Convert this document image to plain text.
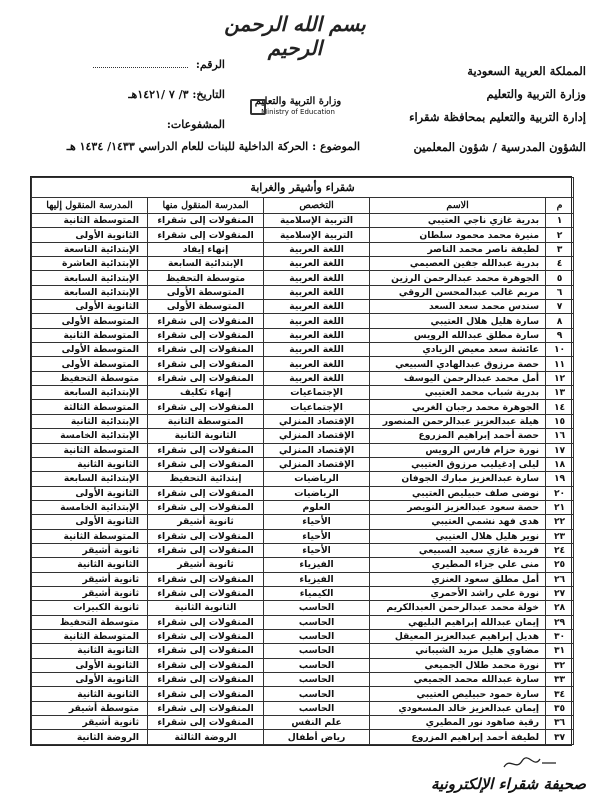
بسم الله الرحمن الرحيم
المملكة العربية السعودية
وزارة التربية والتعليم
إدارة التربية والتعليم بمحافظة شقراء
الرقم:
التاريخ: ٣/ ٧ /١٤٢١هـ
المشفوعات:
وزارة التربية والتعليم
Ministry of Education
الشؤون المدرسية / شؤون المعلمين
الموضوع : الحركة الداخلية للبنات للعام الدراسي ١٤٣٣/ ١٤٣٤ هـ
شقراء وأشيقر والغرابة				
م	الاسم	التخصص	المدرسة المنقول منها	المدرسة المنقول إليها
١	بدرية غازي ناجي العتيبي	التربية الإسلامية	المنقولات إلى شقراء	المتوسطة الثانية
٢	منيرة محمد محمود سلطان	التربية الإسلامية	المنقولات إلى شقراء	الثانوية الأولى
٣	لطيفة ناصر محمد الناصر	اللغة العربية	إنهاء إيفاد	الإبتدائية التاسعة
٤	بدرية عبدالله جفين العصيمي	اللغة العربية	الإبتدائية السابعة	الإبتدائية العاشرة
٥	الجوهرة محمد عبدالرحمن الرزين	اللغة العربية	متوسطة التحفيظ	الإبتدائية السابعة
٦	مريم غالب عبدالمحسن الروقي	اللغة العربية	المتوسطة الأولى	الإبتدائية السابعة
٧	سندس محمد سعد السعد	اللغة العربية	المتوسطة الأولى	الثانوية الأولى
٨	سارة هليل هلال العتيبي	اللغة العربية	المنقولات إلى شقراء	المتوسطة الأولى
٩	سارة مطلق عبدالله الرويس	اللغة العربية	المنقولات إلى شقراء	المتوسطة الثانية
١٠	عائشة سعد معيض الزيادي	اللغة العربية	المنقولات إلى شقراء	المتوسطة الأولى
١١	حصة مرزوق عبدالهادي السبيعي	اللغة العربية	المنقولات إلى شقراء	المتوسطة الأولى
١٢	أمل محمد عبدالرحمن اليوسف	اللغة العربية	المنقولات إلى شقراء	متوسطة التحفيظ
١٣	بدرية شباب محمد العتيبي	الإجتماعيات	إنهاء تكليف	الإبتدائية السابعة
١٤	الجوهرة محمد رجبان الغربي	الإجتماعيات	المنقولات إلى شقراء	المتوسطة الثالثة
١٥	هيلة عبدالعزيز عبدالرحمن المنصور	الإقتصاد المنزلي	المتوسطة الثانية	الإبتدائية الثانية
١٦	حصة أحمد إبراهيم المزروع	الإقتصاد المنزلي	الثانوية الثانية	الإبتدائية الخامسة
١٧	نورة حزام فارس الرويس	الإقتصاد المنزلي	المنقولات إلى شقراء	المتوسطة الثانية
١٨	ليلى إدغيليب مرزوق العتيبي	الإقتصاد المنزلي	المنقولات إلى شقراء	الثانوية الثانية
١٩	سارة عبدالعزيز مبارك الجوفان	الرياضيات	إبتدائية التحفيظ	الإبتدائية السابعة
٢٠	نوضى صلف حبيليص العتيبي	الرياضيات	المنقولات إلى شقراء	الثانوية الأولى
٢١	حصة سعود عبدالعزيز النويصر	العلوم	المنقولات إلى شقراء	الإبتدائية الخامسة
٢٢	هدى فهد نشمي العتيبي	الأحياء	ثانوية أشيقر	الثانوية الأولى
٢٣	نوير هليل هلال العتيبي	الأحياء	المنقولات إلى شقراء	المتوسطة الثانية
٢٤	فريدة غازي سعيد السبيعي	الأحياء	المنقولات إلى شقراء	ثانوية أشيقر
٢٥	منى علي جزاء المطيري	الفيزياء	ثانوية أشيقر	الثانوية الثانية
٢٦	أمل مطلق سعود العنزي	الفيزياء	المنقولات إلى شقراء	ثانوية أشيقر
٢٧	نورة علي راشد الأحمري	الكيمياء	المنقولات إلى شقراء	ثانوية أشيقر
٢٨	خولة محمد عبدالرحمن العبدالكريم	الحاسب	الثانوية الثانية	ثانوية الكبيرات
٢٩	إيمان عبدالله إبراهيم البليهي	الحاسب	المنقولات إلى شقراء	متوسطة التحفيظ
٣٠	هديل إبراهيم عبدالعزيز المعيقل	الحاسب	المنقولات إلى شقراء	المتوسطة الثانية
٣١	مضاوي هليل مزيد الشيباني	الحاسب	المنقولات إلى شقراء	الثانوية الثانية
٣٢	نورة محمد طلال الجميعي	الحاسب	المنقولات إلى شقراء	الثانوية الأولى
٣٣	سارة عبدالله محمد الجميعي	الحاسب	المنقولات إلى شقراء	الثانوية الأولى
٣٤	سارة حمود حبيليص العتيبي	الحاسب	المنقولات إلى شقراء	الثانوية الثانية
٣٥	إيمان عبدالعزيز خالد المسعودي	الحاسب	المنقولات إلى شقراء	متوسطة أشيقر
٣٦	رقية صاهود نور المطيري	علم النفس	المنقولات إلى شقراء	ثانوية أشيقر
٣٧	لطيفة أحمد إبراهيم المزروع	رياض أطفال	الروضة الثالثة	الروضة الثانية
صحيفة شقراء الإلكترونية
